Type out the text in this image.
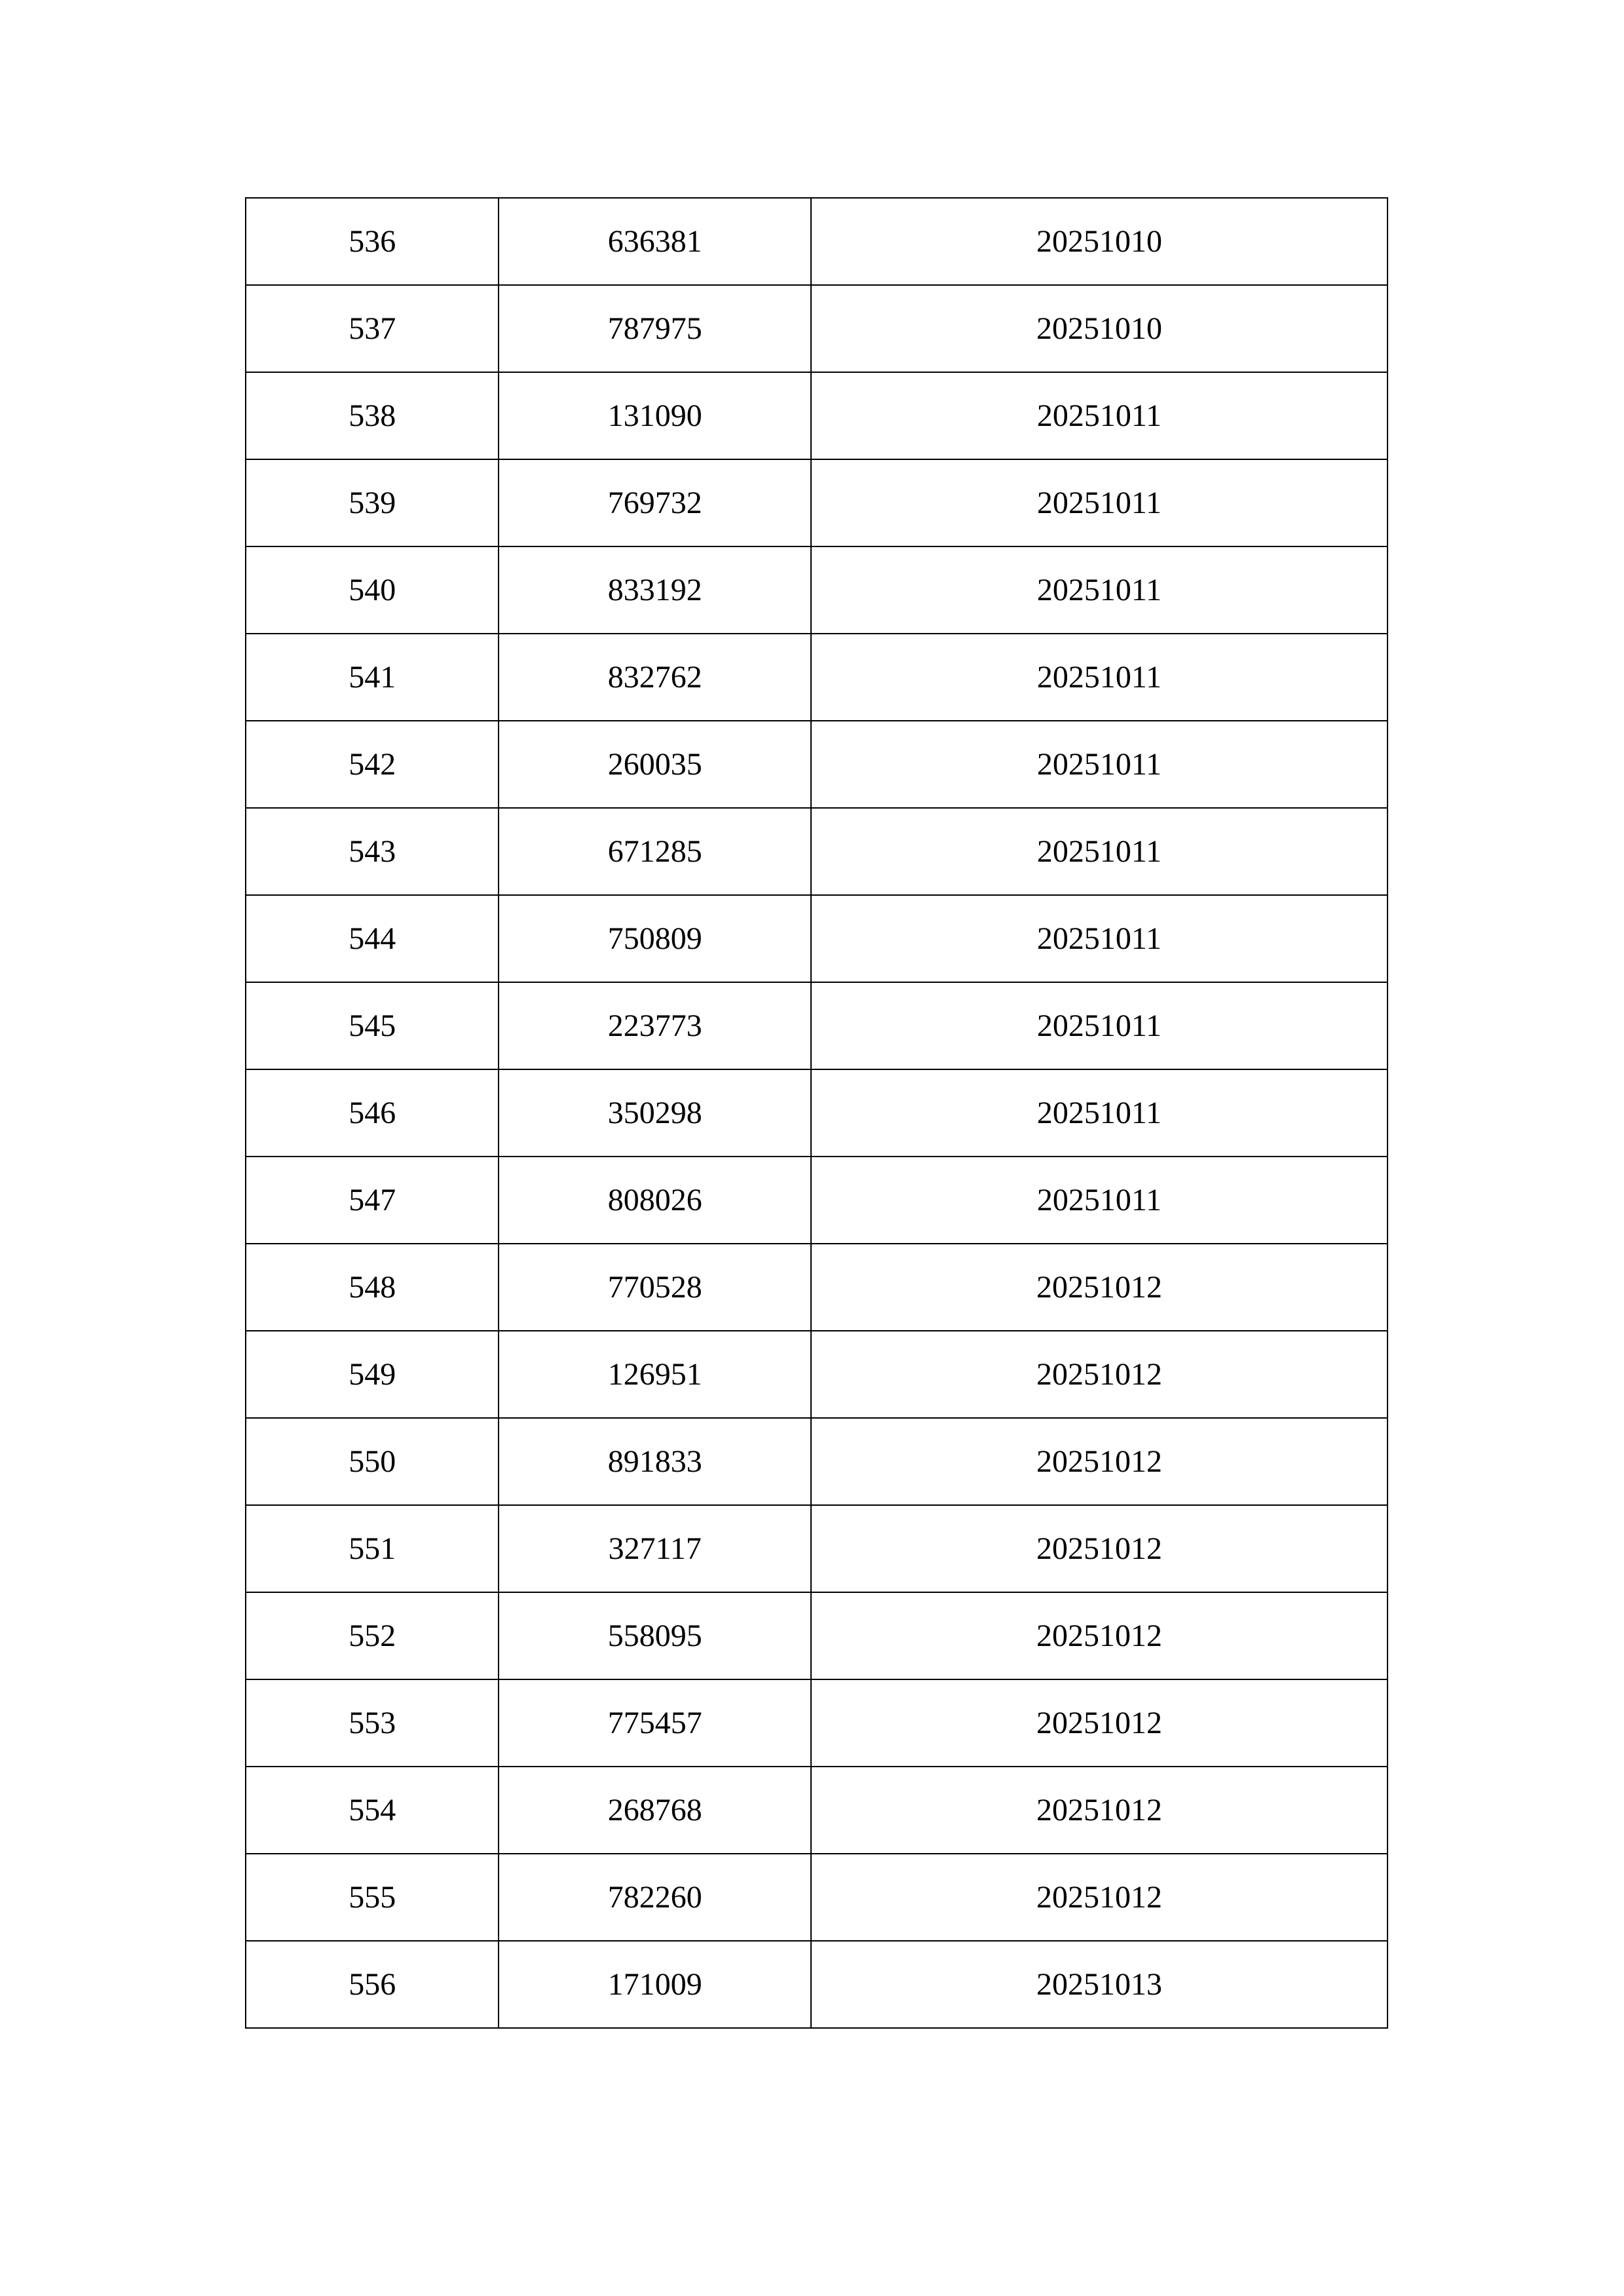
536	636381	20251010
537	787975	20251010
538	131090	20251011
539	769732	20251011
540	833192	20251011
541	832762	20251011
542	260035	20251011
543	671285	20251011
544	750809	20251011
545	223773	20251011
546	350298	20251011
547	808026	20251011
548	770528	20251012
549	126951	20251012
550	891833	20251012
551	327117	20251012
552	558095	20251012
553	775457	20251012
554	268768	20251012
555	782260	20251012
556	171009	20251013
